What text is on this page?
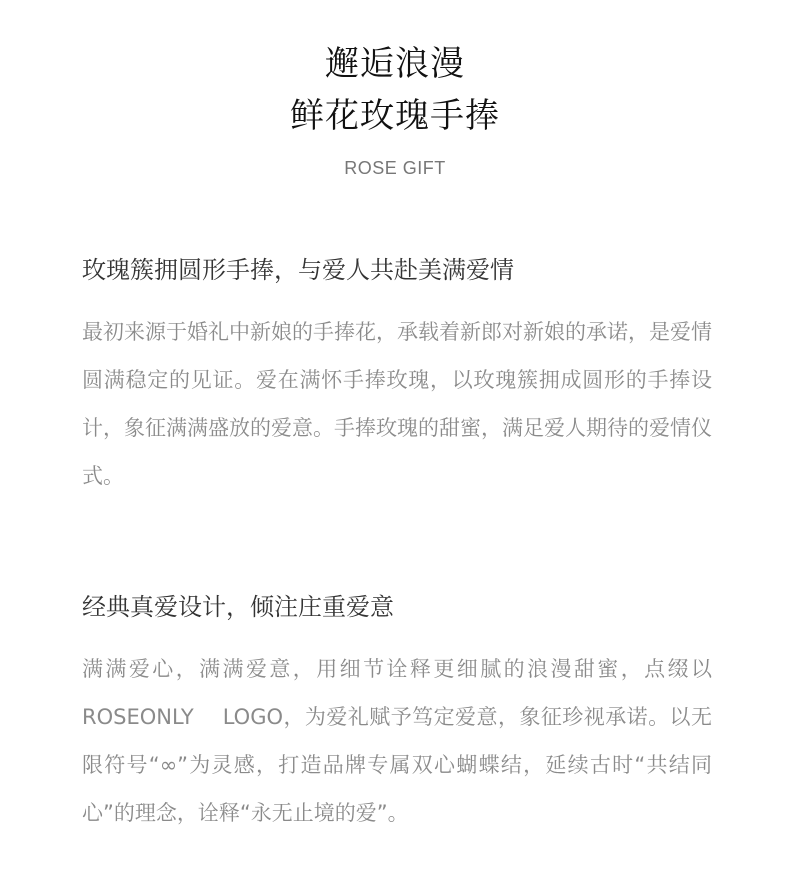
邂逅浪漫
鲜花玫瑰手捧
ROSE GIFT
玫瑰簇拥圆形手捧，与爱人共赴美满爱情

最初来源于婚礼中新娘的手捧花，承载着新郎对新娘的承诺，是爱情圆满稳定的见证。爱在满怀手捧玫瑰，以玫瑰簇拥成圆形的手捧设计，象征满满盛放的爱意。手捧玫瑰的甜蜜，满足爱人期待的爱情仪式。

经典真爱设计，倾注庄重爱意

满满爱心，满满爱意，用细节诠释更细腻的浪漫甜蜜，点缀以ROSEONLY　 LOGO，为爱礼赋予笃定爱意，象征珍视承诺。以无限符号“∞”为灵感，打造品牌专属双心蝴蝶结，延续古时“共结同心”的理念，诠释“永无止境的爱”。
